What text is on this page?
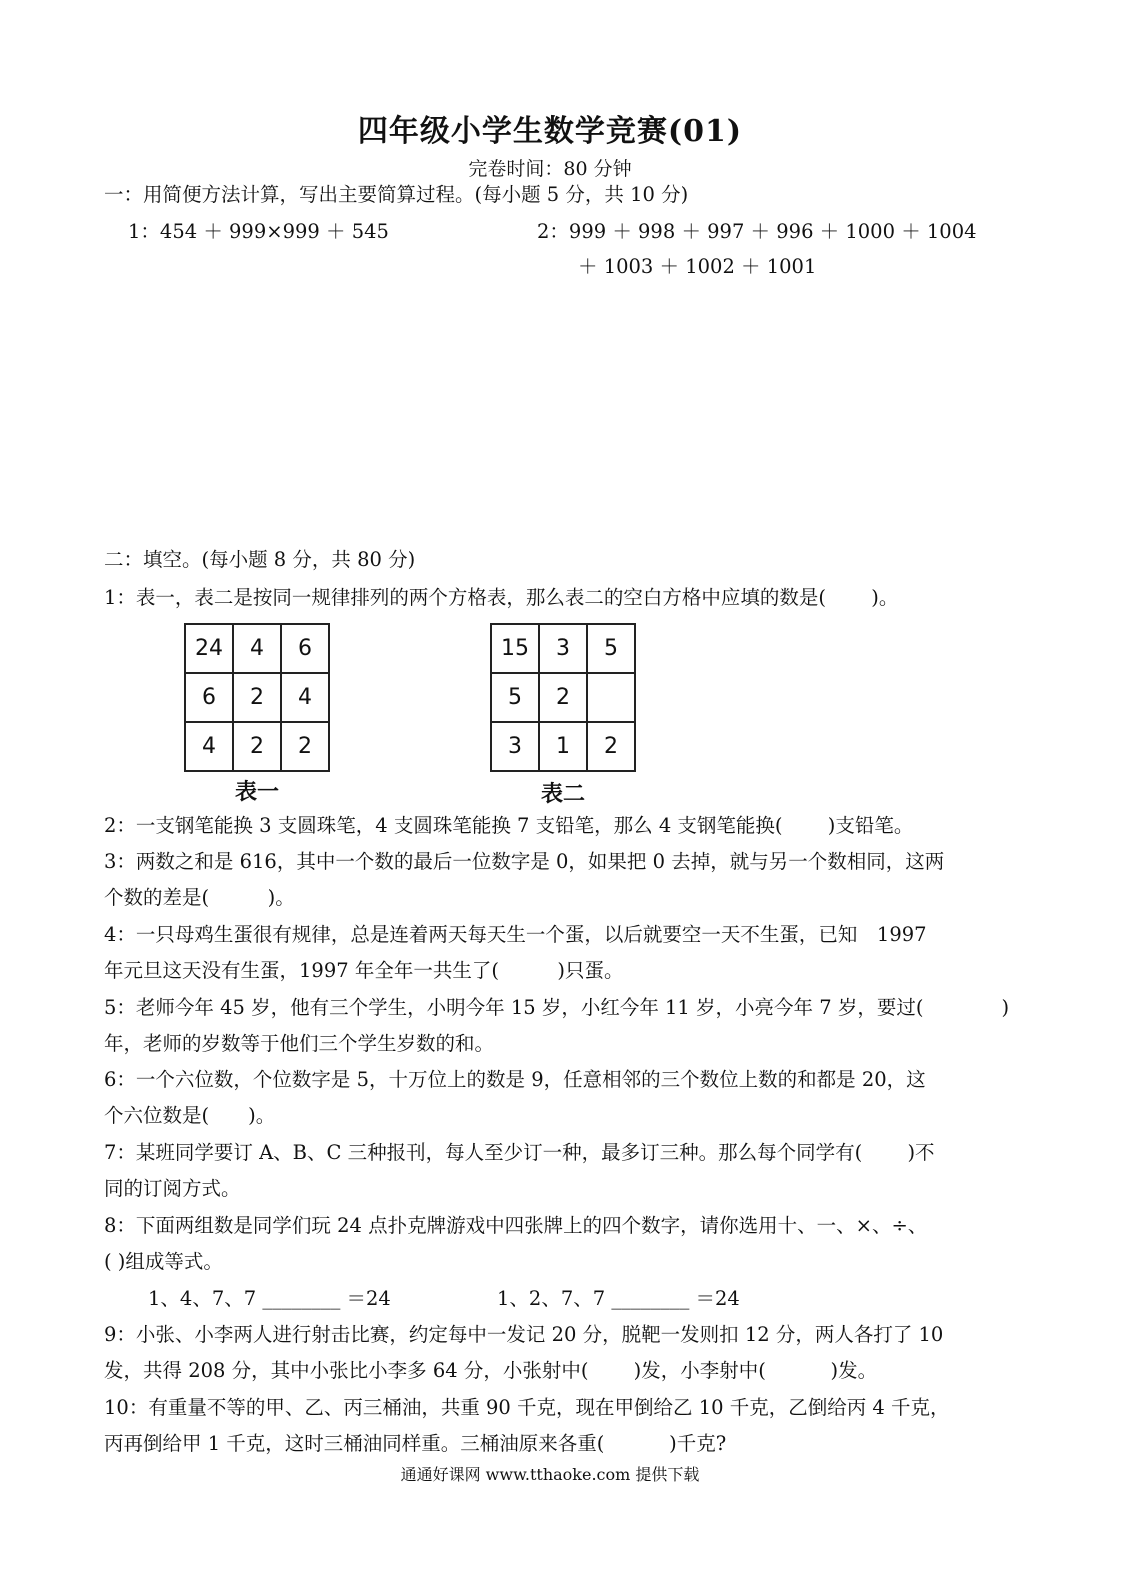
四年级小学生数学竞赛(01)
完卷时间：80 分钟
一：用简便方法计算，写出主要简算过程。(每小题 5 分，共 10 分)
1：454 ＋ 999×999 ＋ 545	2：999 ＋ 998 ＋ 997 ＋ 996 ＋ 1000 ＋ 1004
＋ 1003 ＋ 1002 ＋ 1001
二：填空。(每小题 8 分，共 80 分)
1：表一，表二是按同一规律排列的两个方格表，那么表二的空白方格中应填的数是(　　 )。
24	4	6
6	2	4
4	2	2
表一
15	3	5
5	2	
3	1	2
表二
2：一支钢笔能换 3 支圆珠笔，4 支圆珠笔能换 7 支铅笔，那么 4 支钢笔能换(　　 )支铅笔。
3：两数之和是 616，其中一个数的最后一位数字是 0，如果把 0 去掉，就与另一个数相同，这两
个数的差是(　　　)。
4：一只母鸡生蛋很有规律，总是连着两天每天生一个蛋，以后就要空一天不生蛋，已知　1997
年元旦这天没有生蛋，1997 年全年一共生了(　　　)只蛋。
5：老师今年 45 岁，他有三个学生，小明今年 15 岁，小红今年 11 岁，小亮今年 7 岁，要过(　　　　)
年，老师的岁数等于他们三个学生岁数的和。
6：一个六位数，个位数字是 5，十万位上的数是 9，任意相邻的三个数位上数的和都是 20，这
个六位数是(　　)。
7：某班同学要订 A、B、C 三种报刊，每人至少订一种，最多订三种。那么每个同学有(　　 )不
同的订阅方式。
8：下面两组数是同学们玩 24 点扑克牌游戏中四张牌上的四个数字，请你选用十、一、×、÷、
( )组成等式。
1、4、7、7 ________ ＝24	1、2、7、7 ________ ＝24
9：小张、小李两人进行射击比赛，约定每中一发记 20 分，脱靶一发则扣 12 分，两人各打了 10
发，共得 208 分，其中小张比小李多 64 分，小张射中(　　 )发，小李射中(　　　 )发。
10：有重量不等的甲、乙、丙三桶油，共重 90 千克，现在甲倒给乙 10 千克，乙倒给丙 4 千克，
丙再倒给甲 1 千克，这时三桶油同样重。三桶油原来各重(　　　 )千克?
通通好课网 www.tthaoke.com 提供下载
